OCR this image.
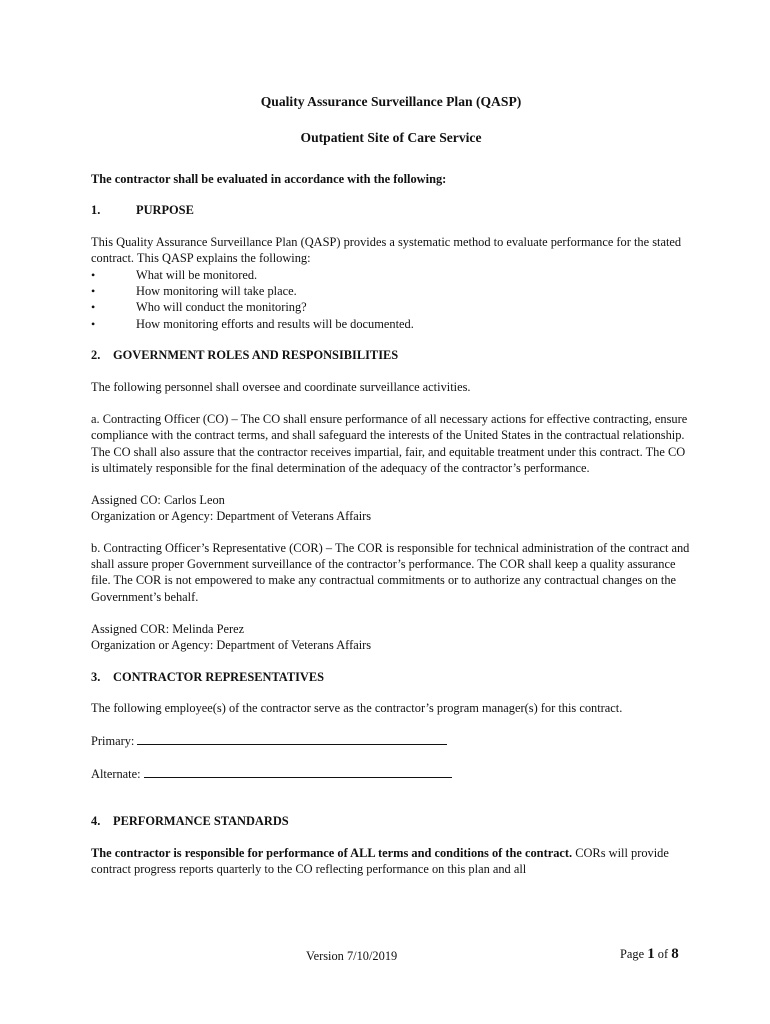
Quality Assurance Surveillance Plan (QASP)

Outpatient Site of Care Service

The contractor shall be evaluated in accordance with the following:

1.	PURPOSE

This Quality Assurance Surveillance Plan (QASP) provides a systematic method to evaluate performance for the stated contract. This QASP explains the following:

•	What will be monitored.
•	How monitoring will take place.
•	Who will conduct the monitoring?
•	How monitoring efforts and results will be documented.
2.	GOVERNMENT ROLES AND RESPONSIBILITIES

The following personnel shall oversee and coordinate surveillance activities.

a. Contracting Officer (CO) – The CO shall ensure performance of all necessary actions for effective contracting, ensure compliance with the contract terms, and shall safeguard the interests of the United States in the contractual relationship. The CO shall also assure that the contractor receives impartial, fair, and equitable treatment under this contract. The CO is ultimately responsible for the final determination of the adequacy of the contractor’s performance.

Assigned CO: Carlos Leon

Organization or Agency: Department of Veterans Affairs

b. Contracting Officer’s Representative (COR) – The COR is responsible for technical administration of the contract and shall assure proper Government surveillance of the contractor’s performance. The COR shall keep a quality assurance file. The COR is not empowered to make any contractual commitments or to authorize any contractual changes on the Government’s behalf.

Assigned COR: Melinda Perez

Organization or Agency: Department of Veterans Affairs

3.	CONTRACTOR REPRESENTATIVES

The following employee(s) of the contractor serve as the contractor’s program manager(s) for this contract.

Primary:

Alternate:

4.	PERFORMANCE STANDARDS

The contractor is responsible for performance of ALL terms and conditions of the contract. CORs will provide contract progress reports quarterly to the CO reflecting performance on this plan and all

Version 7/10/2019	Page 1 of 8
